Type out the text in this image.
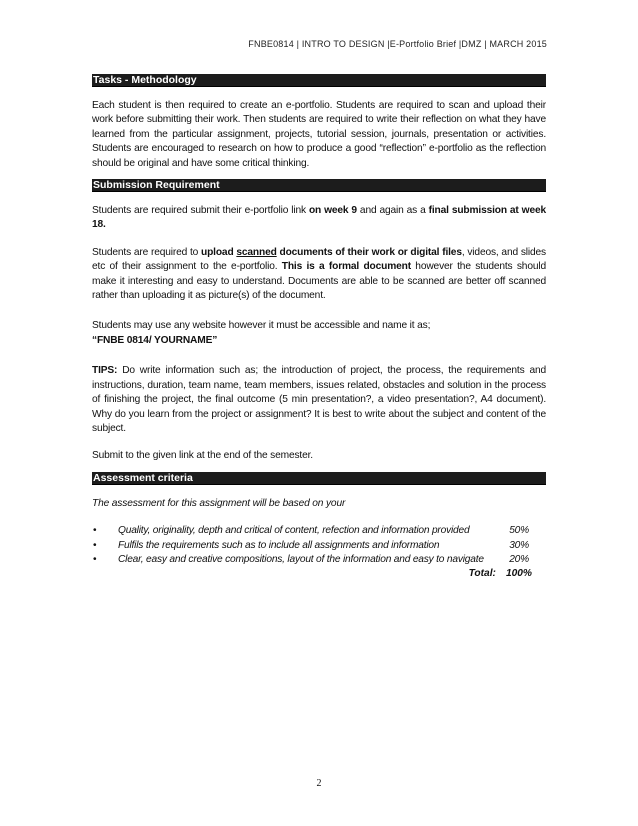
FNBE0814 | INTRO TO DESIGN |E-Portfolio Brief |DMZ | MARCH 2015
Tasks - Methodology

Each student is then required to create an e-portfolio. Students are required to scan and upload their work before submitting their work. Then students are required to write their reflection on what they have learned from the particular assignment, projects, tutorial session, journals, presentation or activities. Students are encouraged to research on how to produce a good “reflection” e-portfolio as the reflection should be original and have some critical thinking.

Submission Requirement

Students are required submit their e-portfolio link on week 9 and again as a final submission at week 18.

Students are required to upload scanned documents of their work or digital files, videos, and slides etc of their assignment to the e-portfolio. This is a formal document however the students should make it interesting and easy to understand. Documents are able to be scanned are better off scanned rather than uploading it as picture(s) of the document.

Students may use any website however it must be accessible and name it as;
“FNBE 0814/ YOURNAME”

TIPS: Do write information such as; the introduction of project, the process, the requirements and instructions, duration, team name, team members, issues related, obstacles and solution in the process of finishing the project, the final outcome (5 min presentation?, a video presentation?, A4 document). Why do you learn from the project or assignment? It is best to write about the subject and content of the subject.

Submit to the given link at the end of the semester.

Assessment criteria

The assessment for this assignment will be based on your

• Quality, originality, depth and critical of content, refection and information provided	50%
• Fulfils the requirements such as to include all assignments and information	30%
• Clear, easy and creative compositions, layout of the information and easy to navigate 20%
Total: 100%
2
